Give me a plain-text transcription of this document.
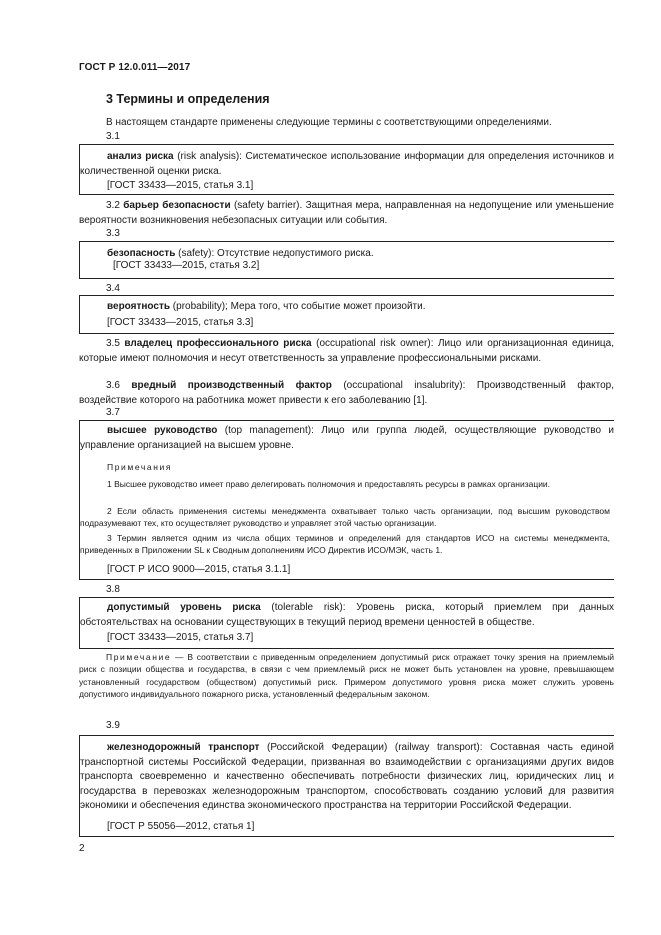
ГОСТ Р 12.0.011—2017
3 Термины и определения
В настоящем стандарте применены следующие термины с соответствующими определениями.
3.1
анализ риска (risk analysis): Систематическое использование информации для определения источников и количественной оценки риска.
[ГОСТ 33433—2015, статья 3.1]
3.2 барьер безопасности (safety barrier). Защитная мера, направленная на недопущение или уменьшение вероятности возникновения небезопасных ситуации или события.
3.3
безопасность (safety): Отсутствие недопустимого риска.
[ГОСТ 33433—2015, статья 3.2]
3.4
вероятность (probability); Мера того, что событие может произойти.
[ГОСТ 33433—2015, статья 3.3]
3.5 владелец профессионального риска (occupational risk owner): Лицо или организационная единица, которые имеют полномочия и несут ответственность за управление профессиональными рисками.
3.6 вредный производственный фактор (occupational insalubrity): Производственный фактор, воздействие которого на работника может привести к его заболеванию [1].
3.7
высшее руководство (top management): Лицо или группа людей, осуществляющие руководство и управление организацией на высшем уровне.
Примечания
1 Высшее руководство имеет право делегировать полномочия и предоставлять ресурсы в рамках организации.
2 Если область применения системы менеджмента охватывает только часть организации, под высшим руководством подразумевают тех, кто осуществляет руководство и управляет этой частью организации.
3 Термин является одним из числа общих терминов и определений для стандартов ИСО на системы менеджмента, приведенных в Приложении SL к Сводным дополнениям ИСО Директив ИСО/МЭК, часть 1.
[ГОСТ Р ИСО 9000—2015, статья 3.1.1]
3.8
допустимый уровень риска (tolerable risk): Уровень риска, который приемлем при данных обстоятельствах на основании существующих в текущий период времени ценностей в обществе.
[ГОСТ 33433—2015, статья 3.7]
Примечание — В соответствии с приведенным определением допустимый риск отражает точку зрения на приемлемый риск с позиции общества и государства, в связи с чем приемлемый риск не может быть установлен на уровне, превышающем установленный государством (обществом) допустимый риск. Примером допустимого уровня риска может служить уровень допустимого индивидуального пожарного риска, установленный федеральным законом.
3.9
железнодорожный транспорт (Российской Федерации) (railway transport): Составная часть единой транспортной системы Российской Федерации, призванная во взаимодействии с организациями других видов транспорта своевременно и качественно обеспечивать потребности физических лиц, юридических лиц и государства в перевозках железнодорожным транспортом, способствовать созданию условий для развития экономики и обеспечения единства экономического пространства на территории Российской Федерации.
[ГОСТ Р 55056—2012, статья 1]
2
